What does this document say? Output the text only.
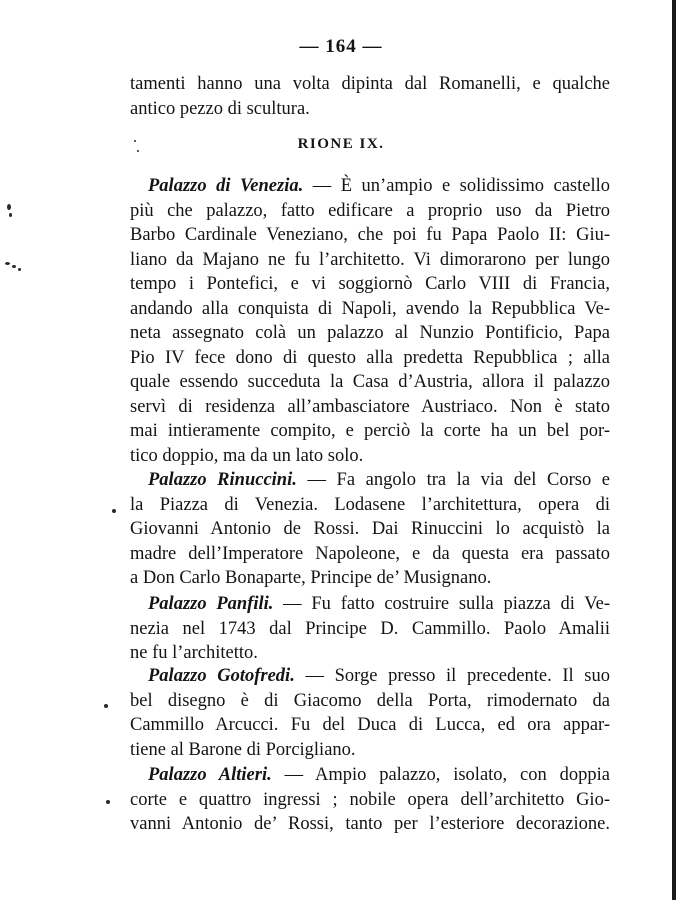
— 164 —
tamenti hanno una volta dipinta dal Romanelli, e qualche
antico pezzo di scultura.
RIONE IX.
Palazzo di Venezia. — È un’ampio e solidissimo castello
più che palazzo, fatto edificare a proprio uso da Pietro
Barbo Cardinale Veneziano, che poi fu Papa Paolo II: Giu-
liano da Majano ne fu l’architetto. Vi dimorarono per lungo
tempo i Pontefici, e vi soggiornò Carlo VIII di Francia,
andando alla conquista di Napoli, avendo la Repubblica Ve-
neta assegnato colà un palazzo al Nunzio Pontificio, Papa
Pio IV fece dono di questo alla predetta Repubblica ; alla
quale essendo succeduta la Casa d’Austria, allora il palazzo
servì di residenza all’ambasciatore Austriaco. Non è stato
mai intieramente compito, e perciò la corte ha un bel por-
tico doppio, ma da un lato solo.
Palazzo Rinuccini. — Fa angolo tra la via del Corso e
la Piazza di Venezia. Lodasene l’architettura, opera di
Giovanni Antonio de Rossi. Dai Rinuccini lo acquistò la
madre dell’Imperatore Napoleone, e da questa era passato
a Don Carlo Bonaparte, Principe de’ Musignano.
Palazzo Panfili. — Fu fatto costruire sulla piazza di Ve-
nezia nel 1743 dal Principe D. Cammillo. Paolo Amalii
ne fu l’architetto.
Palazzo Gotofredi. — Sorge presso il precedente. Il suo
bel disegno è di Giacomo della Porta, rimodernato da
Cammillo Arcucci. Fu del Duca di Lucca, ed ora appar-
tiene al Barone di Porcigliano.
Palazzo Altieri. — Ampio palazzo, isolato, con doppia
corte e quattro ingressi ; nobile opera dell’architetto Gio-
vanni Antonio de’ Rossi, tanto per l’esteriore decorazione.
